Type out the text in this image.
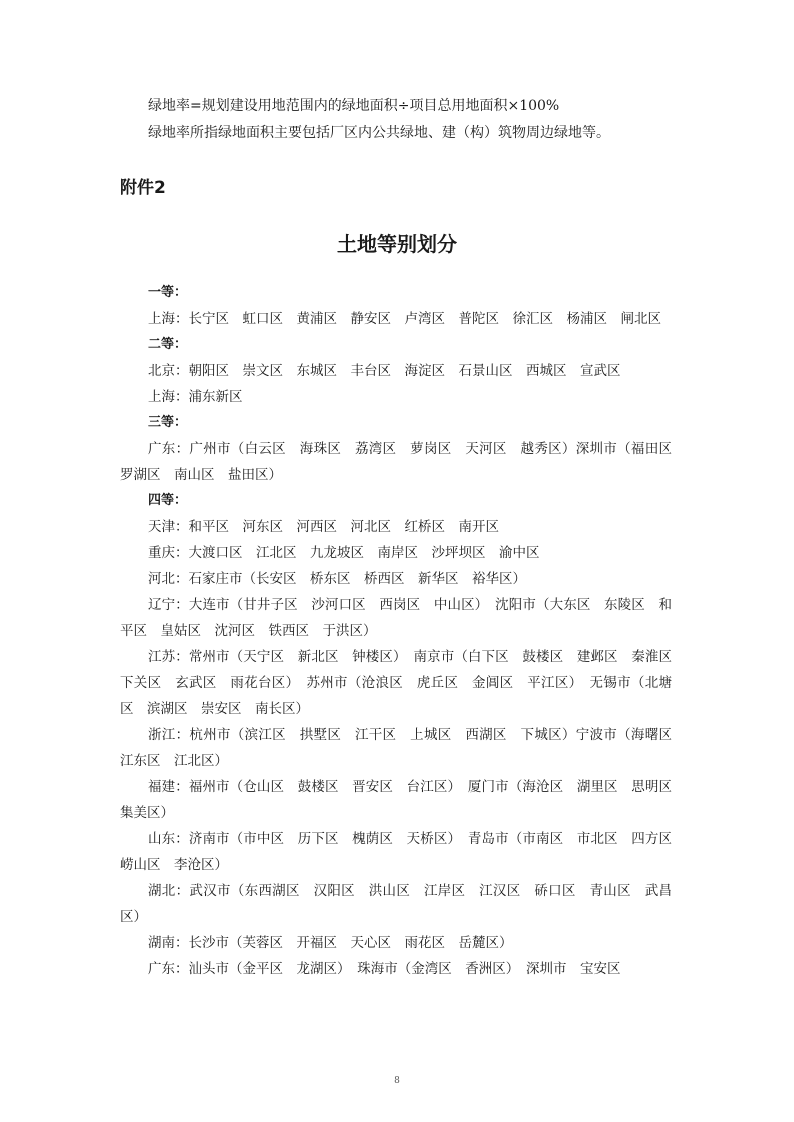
绿地率=规划建设用地范围内的绿地面积÷项目总用地面积×100%
绿地率所指绿地面积主要包括厂区内公共绿地、建（构）筑物周边绿地等。
附件2
土地等别划分

一等：

上海：长宁区　虹口区　黄浦区　静安区　卢湾区　普陀区　徐汇区　杨浦区　闸北区

二等：

北京：朝阳区　崇文区　东城区　丰台区　海淀区　石景山区　西城区　宣武区

上海：浦东新区

三等：

广东：广州市（白云区　海珠区　荔湾区　萝岗区　天河区　越秀区）深圳市（福田区　罗湖区　南山区　盐田区）

四等：

天津：和平区　河东区　河西区　河北区　红桥区　南开区

重庆：大渡口区　江北区　九龙坡区　南岸区　沙坪坝区　渝中区

河北：石家庄市（长安区　桥东区　桥西区　新华区　裕华区）

辽宁：大连市（甘井子区　沙河口区　西岗区　中山区）　沈阳市（大东区　东陵区　和平区　皇姑区　沈河区　铁西区　于洪区）

江苏：常州市（天宁区　新北区　钟楼区）　南京市（白下区　鼓楼区　建邺区　秦淮区　下关区　玄武区　雨花台区）　苏州市（沧浪区　虎丘区　金阊区　平江区）　无锡市（北塘区　滨湖区　崇安区　南长区）

浙江：杭州市（滨江区　拱墅区　江干区　上城区　西湖区　下城区）宁波市（海曙区　江东区　江北区）

福建：福州市（仓山区　鼓楼区　晋安区　台江区）　厦门市（海沧区　湖里区　思明区　集美区）

山东：济南市（市中区　历下区　槐荫区　天桥区）　青岛市（市南区　市北区　四方区　崂山区　李沧区）

湖北：武汉市（东西湖区　汉阳区　洪山区　江岸区　江汉区　硚口区　青山区　武昌区）

湖南：长沙市（芙蓉区　开福区　天心区　雨花区　岳麓区）

广东：汕头市（金平区　龙湖区）　珠海市（金湾区　香洲区）　深圳市　宝安区

8
